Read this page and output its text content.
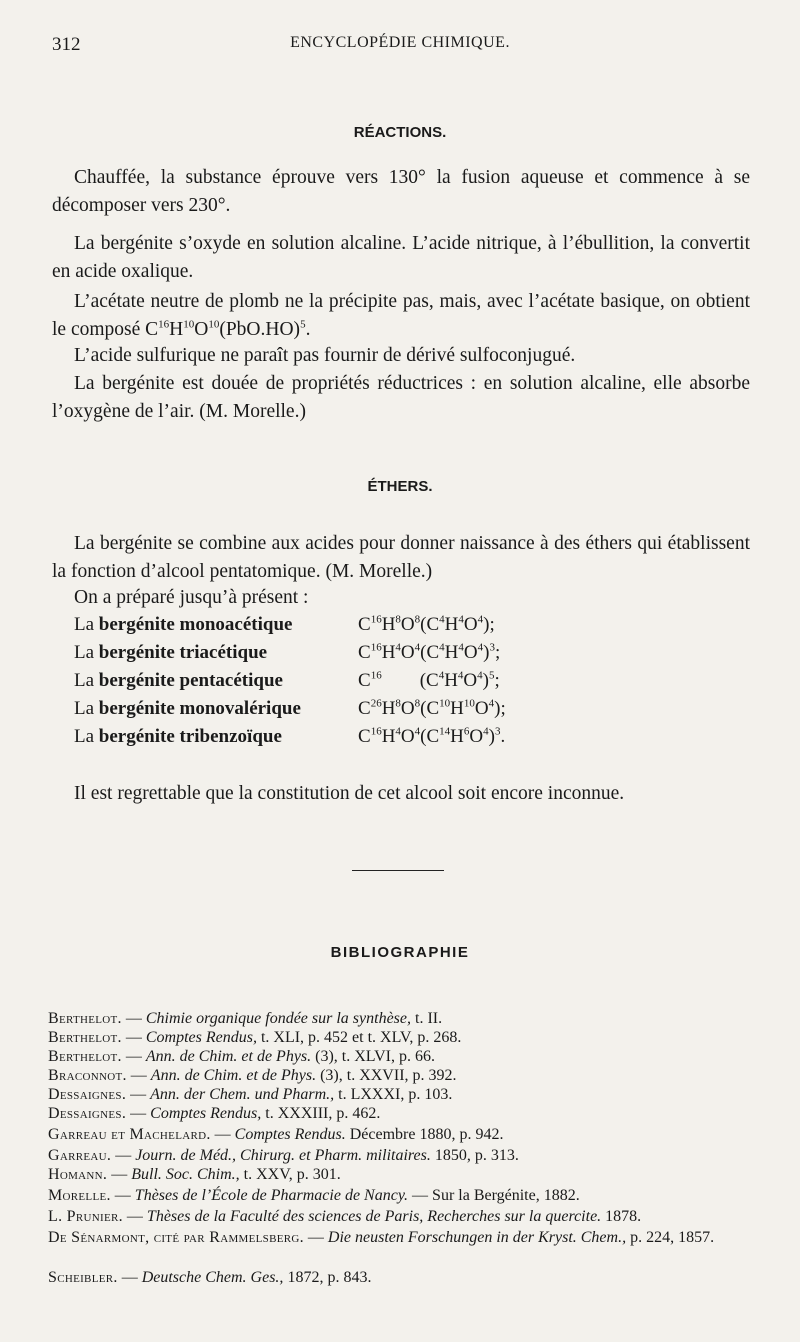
312	ENCYCLOPÉDIE CHIMIQUE.
RÉACTIONS.

Chauffée, la substance éprouve vers 130° la fusion aqueuse et commence à se décomposer vers 230°.

La bergénite s’oxyde en solution alcaline. L’acide nitrique, à l’ébullition, la convertit en acide oxalique.

L’acétate neutre de plomb ne la précipite pas, mais, avec l’acétate basique, on obtient le composé $C^{16}H^{10}O^{10}(PbO.HO)^5$.

L’acide sulfurique ne paraît pas fournir de dérivé sulfoconjugué.

La bergénite est douée de propriétés réductrices : en solution alcaline, elle absorbe l’oxygène de l’air. (M. Morelle.)

ÉTHERS.

La bergénite se combine aux acides pour donner naissance à des éthers qui établissent la fonction d’alcool pentatomique. (M. Morelle.)

On a préparé jusqu’à présent :

La bergénite monoacétique	$C^{16}H^8O^8(C^4H^4O^4)$;
La bergénite triacétique	$C^{16}H^4O^4(C^4H^4O^4)^3$;
La bergénite pentacétique	$C^{16}$        $(C^4H^4O^4)^5$;
La bergénite monovalérique	$C^{26}H^8O^8(C^{10}H^{10}O^4)$;
La bergénite tribenzoïque	$C^{16}H^4O^4(C^{14}H^6O^4)^3$.

Il est regrettable que la constitution de cet alcool soit encore inconnue.

BIBLIOGRAPHIE
Berthelot. — Chimie organique fondée sur la synthèse, t. II.
Berthelot. — Comptes Rendus, t. XLI, p. 452 et t. XLV, p. 268.
Berthelot. — Ann. de Chim. et de Phys. (3), t. XLVI, p. 66.
Braconnot. — Ann. de Chim. et de Phys. (3), t. XXVII, p. 392.
Dessaignes. — Ann. der Chem. und Pharm., t. LXXXI, p. 103.
Dessaignes. — Comptes Rendus, t. XXXIII, p. 462.
Garreau et Machelard. — Comptes Rendus. Décembre 1880, p. 942.
Garreau. — Journ. de Méd., Chirurg. et Pharm. militaires. 1850, p. 313.
Homann. — Bull. Soc. Chim., t. XXV, p. 301.
Morelle. — Thèses de l’École de Pharmacie de Nancy. — Sur la Bergénite, 1882.
L. Prunier. — Thèses de la Faculté des sciences de Paris, Recherches sur la quercite. 1878.
De Sénarmont, cité par Rammelsberg. — Die neusten Forschungen in der Kryst. Chem., p. 224, 1857.
Scheibler. — Deutsche Chem. Ges., 1872, p. 843.
